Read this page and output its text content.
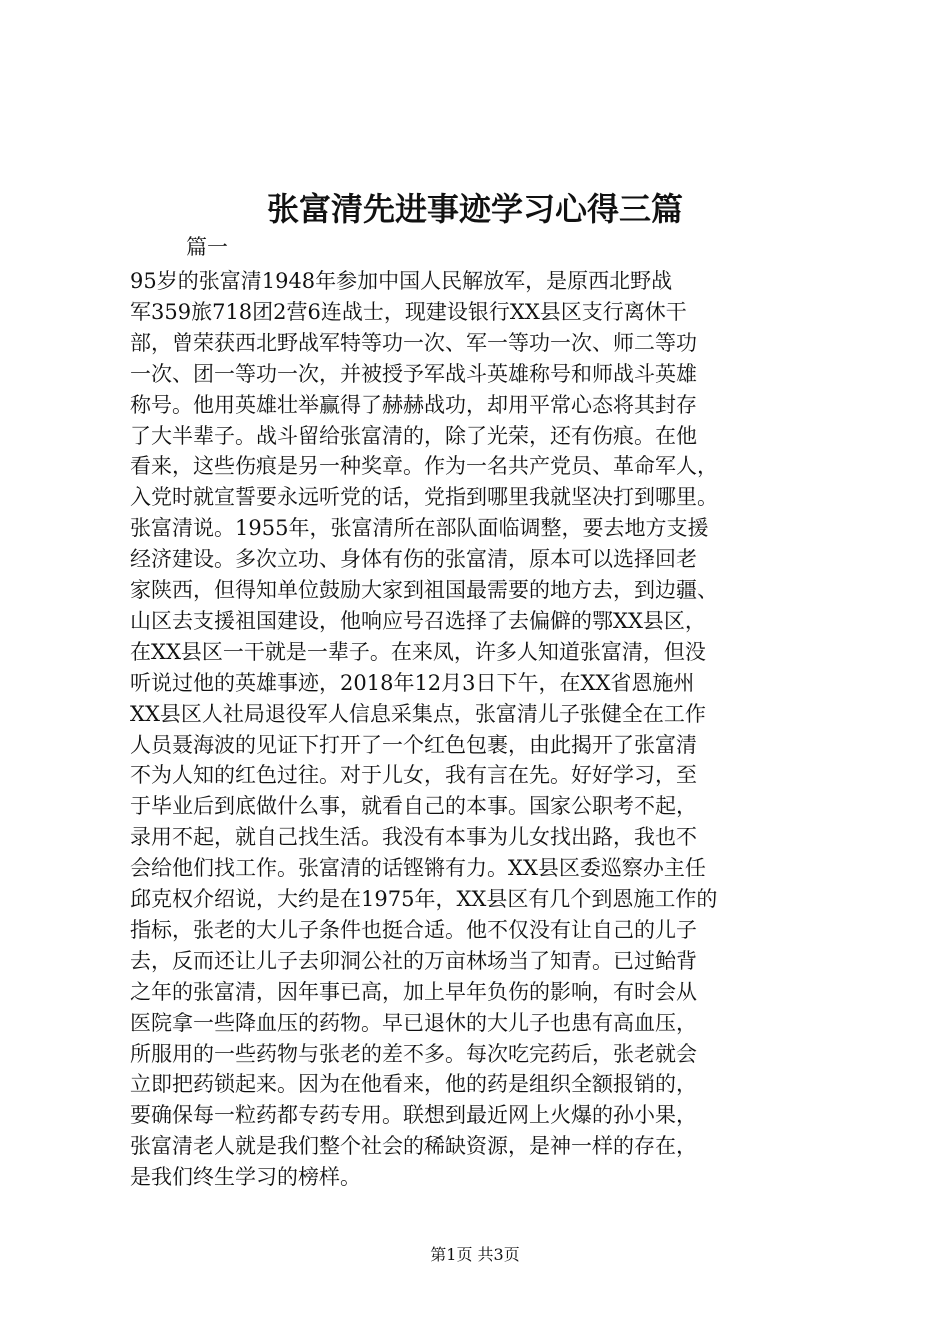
张富清先进事迹学习心得三篇

篇一

95岁的张富清1948年参加中国人民解放军，是原西北野战

军359旅718团2营6连战士，现建设银行XX县区支行离休干

部，曾荣获西北野战军特等功一次、军一等功一次、师二等功

一次、团一等功一次，并被授予军战斗英雄称号和师战斗英雄

称号。他用英雄壮举赢得了赫赫战功，却用平常心态将其封存

了大半辈子。战斗留给张富清的，除了光荣，还有伤痕。在他

看来，这些伤痕是另一种奖章。作为一名共产党员、革命军人，

入党时就宣誓要永远听党的话，党指到哪里我就坚决打到哪里。

张富清说。1955年，张富清所在部队面临调整，要去地方支援

经济建设。多次立功、身体有伤的张富清，原本可以选择回老

家陕西，但得知单位鼓励大家到祖国最需要的地方去，到边疆、

山区去支援祖国建设，他响应号召选择了去偏僻的鄂XX县区，

在XX县区一干就是一辈子。在来凤，许多人知道张富清，但没

听说过他的英雄事迹，2018年12月3日下午，在XX省恩施州

XX县区人社局退役军人信息采集点，张富清儿子张健全在工作

人员聂海波的见证下打开了一个红色包裹，由此揭开了张富清

不为人知的红色过往。对于儿女，我有言在先。好好学习，至

于毕业后到底做什么事，就看自己的本事。国家公职考不起，

录用不起，就自己找生活。我没有本事为儿女找出路，我也不

会给他们找工作。张富清的话铿锵有力。XX县区委巡察办主任

邱克权介绍说，大约是在1975年，XX县区有几个到恩施工作的

指标，张老的大儿子条件也挺合适。他不仅没有让自己的儿子

去，反而还让儿子去卯洞公社的万亩林场当了知青。已过鲐背

之年的张富清，因年事已高，加上早年负伤的影响，有时会从

医院拿一些降血压的药物。早已退休的大儿子也患有高血压，

所服用的一些药物与张老的差不多。每次吃完药后，张老就会

立即把药锁起来。因为在他看来，他的药是组织全额报销的，

要确保每一粒药都专药专用。联想到最近网上火爆的孙小果，

张富清老人就是我们整个社会的稀缺资源，是神一样的存在，

是我们终生学习的榜样。

第1页 共3页
